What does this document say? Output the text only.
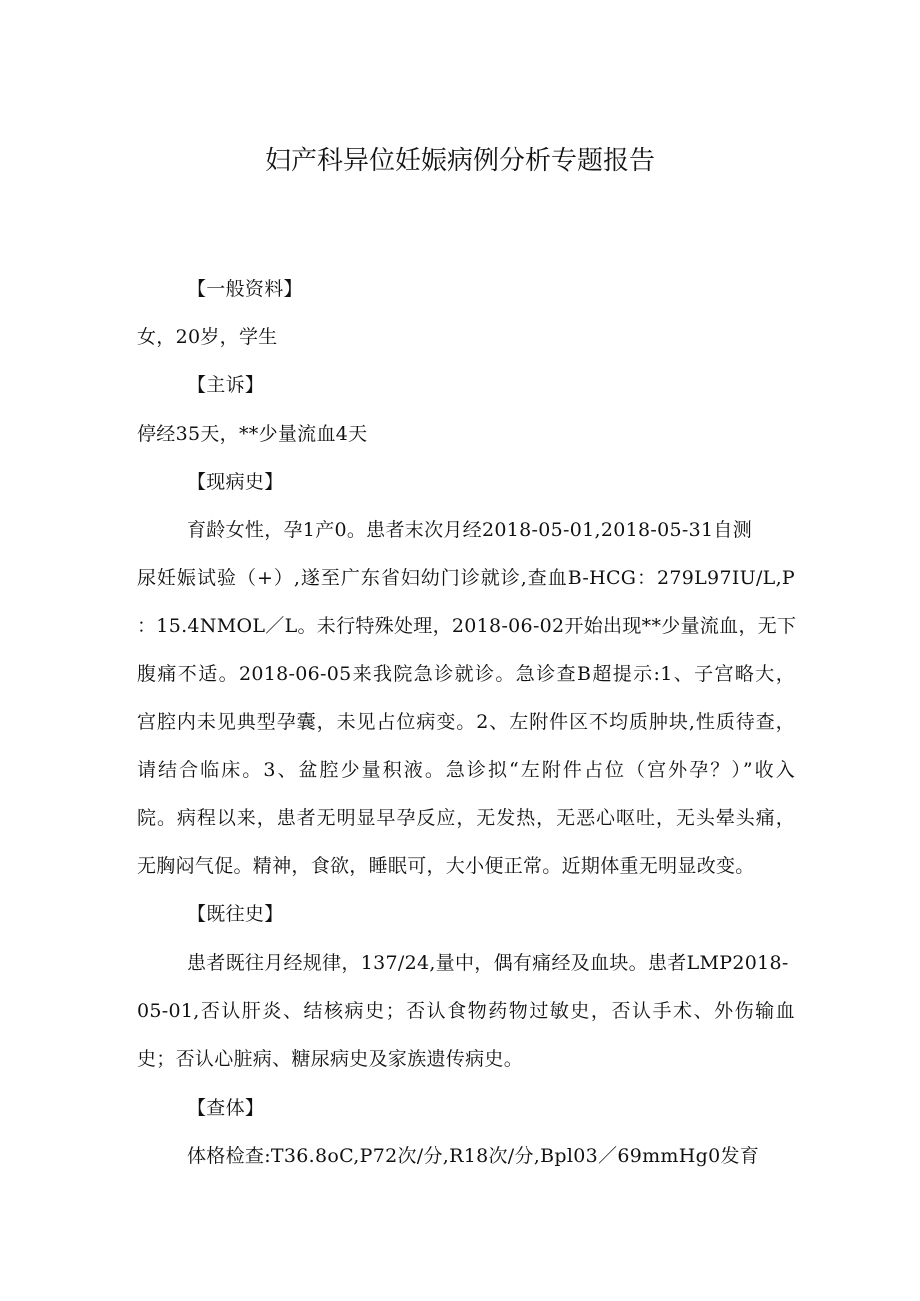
妇产科异位妊娠病例分析专题报告
【一般资料】
女，20岁，学生
【主诉】
停经35天，**少量流血4天
【现病史】
育龄女性，孕1产0。患者末次月经2018-05-01,2018-05-31自测
尿妊娠试验（+）,遂至广东省妇幼门诊就诊,查血B-HCG：279L97IU/L,P
：15.4NMOL／L。未行特殊处理，2018-06-02开始出现**少量流血，无下
腹痛不适。2018-06-05来我院急诊就诊。急诊查B超提示:1、子宫略大，
宫腔内未见典型孕囊，未见占位病变。2、左附件区不均质肿块,性质待查，
请结合临床。3、盆腔少量积液。急诊拟“左附件占位（宫外孕？）”收入
院。病程以来，患者无明显早孕反应，无发热，无恶心呕吐，无头晕头痛，
无胸闷气促。精神，食欲，睡眠可，大小便正常。近期体重无明显改变。
【既往史】
患者既往月经规律，137/24,量中，偶有痛经及血块。患者LMP2018-
05-01,否认肝炎、结核病史；否认食物药物过敏史，否认手术、外伤输血
史；否认心脏病、糖尿病史及家族遗传病史。
【查体】
体格检查:T36.8oC,P72次/分,R18次/分,Bpl03／69mmHg0发育
